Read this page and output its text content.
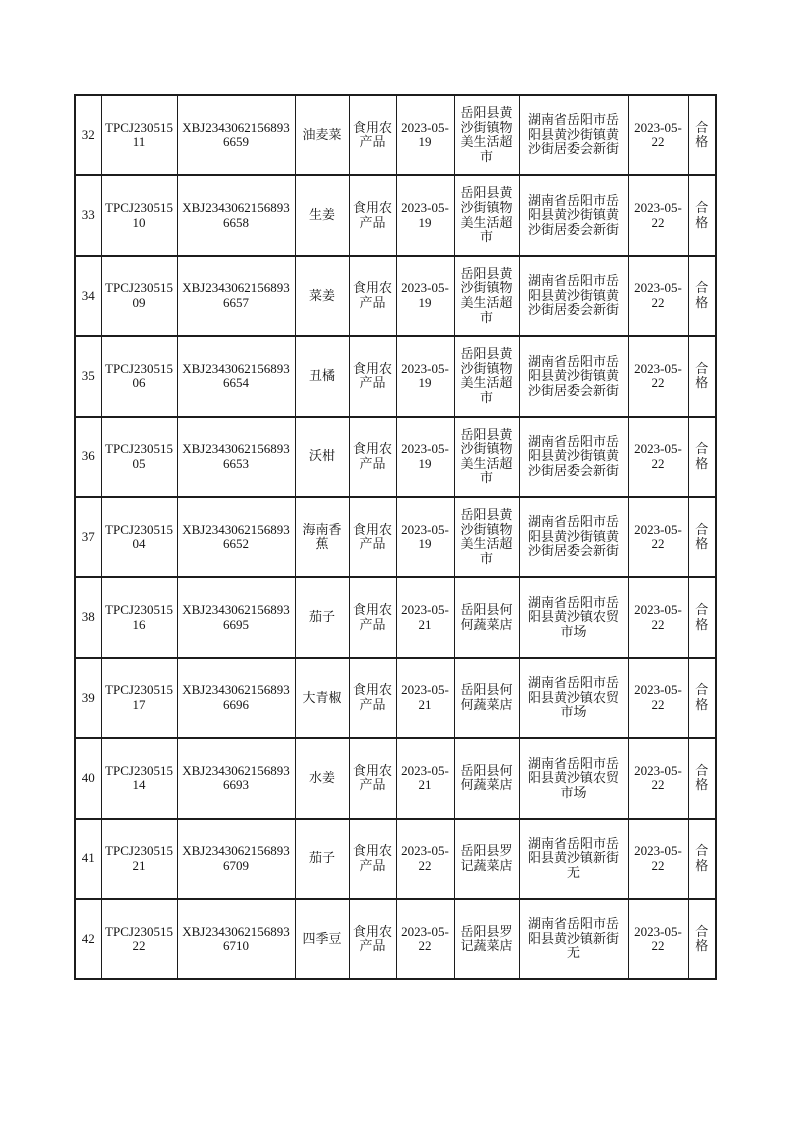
32	TPCJ23051511	XBJ23430621568936659	油麦菜	食用农产品	2023-05-19	岳阳县黄沙街镇物美生活超市	湖南省岳阳市岳阳县黄沙街镇黄沙街居委会新街	2023-05-22	合格
33	TPCJ23051510	XBJ23430621568936658	生姜	食用农产品	2023-05-19	岳阳县黄沙街镇物美生活超市	湖南省岳阳市岳阳县黄沙街镇黄沙街居委会新街	2023-05-22	合格
34	TPCJ23051509	XBJ23430621568936657	菜姜	食用农产品	2023-05-19	岳阳县黄沙街镇物美生活超市	湖南省岳阳市岳阳县黄沙街镇黄沙街居委会新街	2023-05-22	合格
35	TPCJ23051506	XBJ23430621568936654	丑橘	食用农产品	2023-05-19	岳阳县黄沙街镇物美生活超市	湖南省岳阳市岳阳县黄沙街镇黄沙街居委会新街	2023-05-22	合格
36	TPCJ23051505	XBJ23430621568936653	沃柑	食用农产品	2023-05-19	岳阳县黄沙街镇物美生活超市	湖南省岳阳市岳阳县黄沙街镇黄沙街居委会新街	2023-05-22	合格
37	TPCJ23051504	XBJ23430621568936652	海南香蕉	食用农产品	2023-05-19	岳阳县黄沙街镇物美生活超市	湖南省岳阳市岳阳县黄沙街镇黄沙街居委会新街	2023-05-22	合格
38	TPCJ23051516	XBJ23430621568936695	茄子	食用农产品	2023-05-21	岳阳县何何蔬菜店	湖南省岳阳市岳阳县黄沙镇农贸市场	2023-05-22	合格
39	TPCJ23051517	XBJ23430621568936696	大青椒	食用农产品	2023-05-21	岳阳县何何蔬菜店	湖南省岳阳市岳阳县黄沙镇农贸市场	2023-05-22	合格
40	TPCJ23051514	XBJ23430621568936693	水姜	食用农产品	2023-05-21	岳阳县何何蔬菜店	湖南省岳阳市岳阳县黄沙镇农贸市场	2023-05-22	合格
41	TPCJ23051521	XBJ23430621568936709	茄子	食用农产品	2023-05-22	岳阳县罗记蔬菜店	湖南省岳阳市岳阳县黄沙镇新街无	2023-05-22	合格
42	TPCJ23051522	XBJ23430621568936710	四季豆	食用农产品	2023-05-22	岳阳县罗记蔬菜店	湖南省岳阳市岳阳县黄沙镇新街无	2023-05-22	合格
